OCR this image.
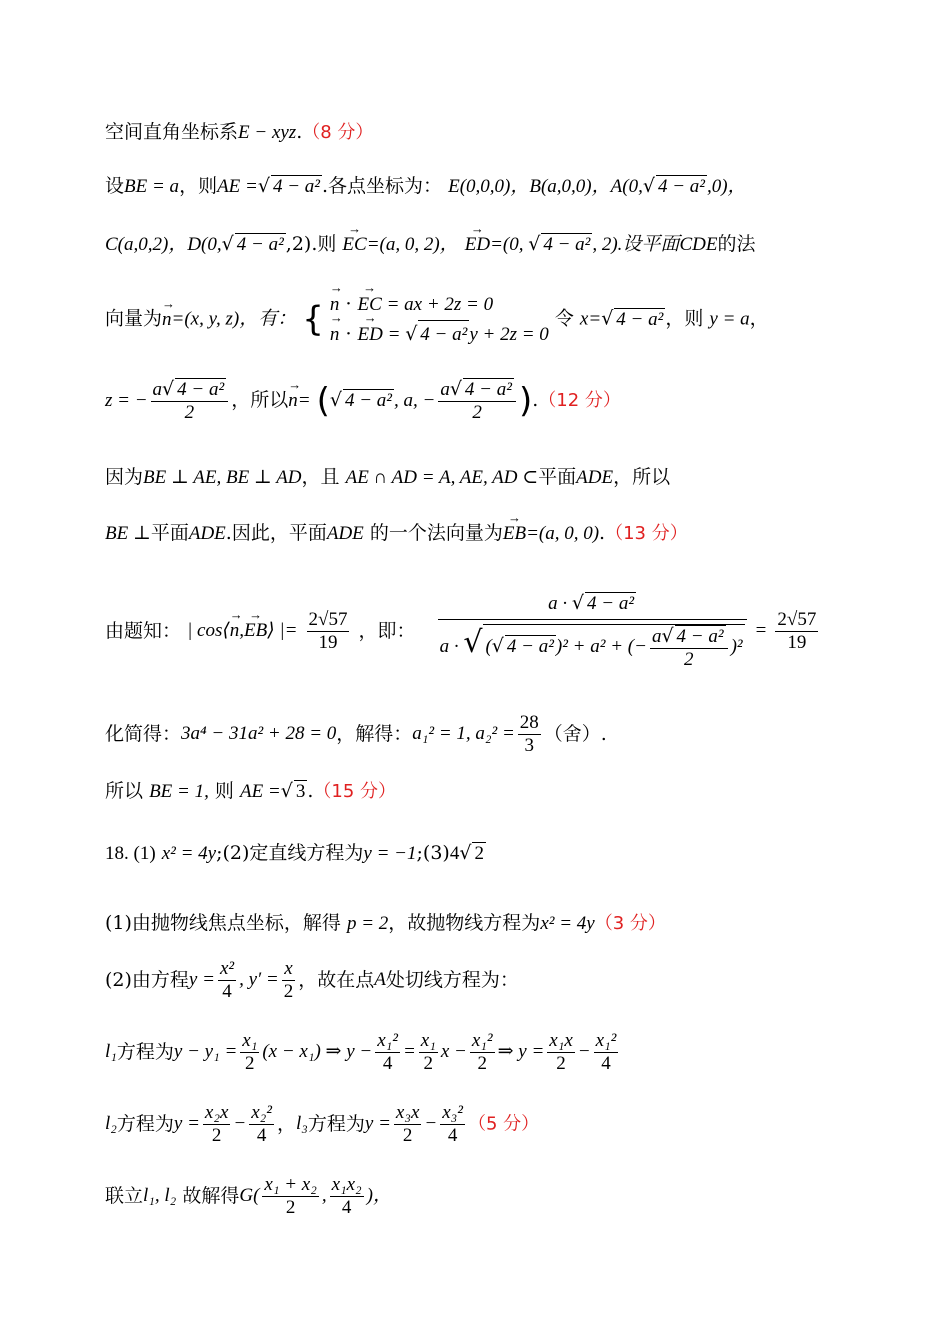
空间直角坐标系E − xyz.（8 分）
设BE = a，则AE =√ 4 − a² .各点坐标为： E(0,0,0)，B(a,0,0)，A(0,√ 4 − a² ,0)，
C(a,0,2)，D(0,√ 4 − a² ,2).则 → EC=(a, 0, 2)， → ED=(0, √ 4 − a² , 2).设平面CDE的法
向量为→ n=(x, y, z)，有： { → n · → EC = ax + 2z = 0
→ n · → ED = √ 4 − a² y + 2z = 0
令 x=√ 4 − a² ，则 y = a，
z = − $\frac{\text{a√ 4 − a²}}{2}$ ，所以→ n= (√ 4 − a² , a, − $\frac{\text{a√ 4 − a²}}{2} ).(12$ 分）
因为BE ⊥ AE, BE ⊥ AD，且 AE ∩ AD = A, AE, AD ⊂平面ADE，所以
BE ⊥平面ADE.因此，平面ADE 的一个法向量为→ EB=(a, 0, 0).（13 分）
由题知： | cos⟨→ n,→ EB⟩ |= $\frac{2√57}{19}$ ，即： $\frac{\text{a · √ 4 − a²}}{a \cdot √ (√ 4 - a^2 )^2 + a^2 + (- \frac{\text{a√ 4 − a²}}{2} )^2} = \frac{2√57}{19}$
化简得：3a⁴ − 31a² + 28 = 0，解得：a₁² = 1, $a_2^2 = \frac{28}{3}$ （舍）.
所以 BE = 1, 则 AE =√ 3 .（15 分）
18. (1) x² = 4y;(2)定直线方程为y = −1;(3)4√ 2
(1)由抛物线焦点坐标，解得 p = 2，故抛物线方程为x² = 4y（3 分）
(2)由方程$y = \frac{\text{x²}}{4}$ , $y' = \frac{x}{2}$ ，故在点A处切线方程为：
l₁方程为$y - y_1 = \frac{\text{x₁}}{2} (x - x_1)$ ⇒ $y - \frac{\text{x₁²}}{4} = \frac{\text{x₁}}{2}$ $x - \frac{\text{x₁²}}{2}$ ⇒ $y = \frac{\text{x₁x}}{2} - \frac{\text{x₁²}}{4}$
l₂方程为$y = \frac{\text{x₂x}}{2} - \frac{\text{x₂²}}{4}$ ，l₃方程为$y = \frac{\text{x₃x}}{2} - \frac{\text{x₃²}}{4} (5$ 分）
联立l₁, l₂ 故解得$G( \frac{\text{x₁ + x₂}}{2}$ , $\frac{\text{x₁x₂}}{4}$ )，
